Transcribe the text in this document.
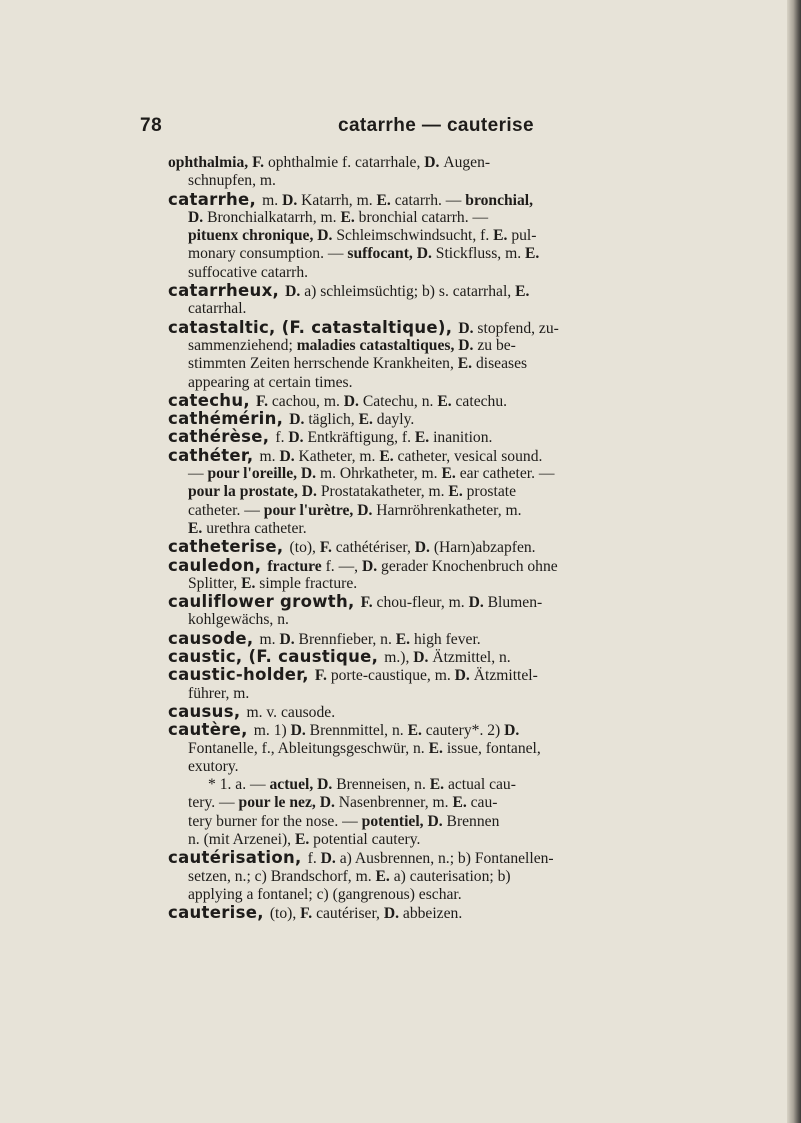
78	catarrhe — cauterise
ophthalmia, F. ophthalmie f. catarrhale, D. Augen-
schnupfen, m.
catarrhe, m. D. Katarrh, m. E. catarrh. — bronchial,
D. Bronchialkatarrh, m. E. bronchial catarrh. —
pituenx chronique, D. Schleimschwindsucht, f. E. pul-
monary consumption. — suffocant, D. Stickfluss, m. E.
suffocative catarrh.
catarrheux, D. a) schleimsüchtig; b) s. catarrhal, E.
catarrhal.
catastaltic, (F. catastaltique), D. stopfend, zu-
sammenziehend; maladies catastaltiques, D. zu be-
stimmten Zeiten herrschende Krankheiten, E. diseases
appearing at certain times.
catechu, F. cachou, m. D. Catechu, n. E. catechu.
cathémérin, D. täglich, E. dayly.
cathérèse, f. D. Entkräftigung, f. E. inanition.
cathéter, m. D. Katheter, m. E. catheter, vesical sound.
— pour l'oreille, D. m. Ohrkatheter, m. E. ear catheter. —
pour la prostate, D. Prostatakatheter, m. E. prostate
catheter. — pour l'urètre, D. Harnröhrenkatheter, m.
E. urethra catheter.
catheterise, (to), F. cathétériser, D. (Harn)abzapfen.
cauledon, fracture f. —, D. gerader Knochenbruch ohne
Splitter, E. simple fracture.
cauliflower growth, F. chou-fleur, m. D. Blumen-
kohlgewächs, n.
causode, m. D. Brennfieber, n. E. high fever.
caustic, (F. caustique, m.), D. Ätzmittel, n.
caustic-holder, F. porte-caustique, m. D. Ätzmittel-
führer, m.
causus, m. v. causode.
cautère, m. 1) D. Brennmittel, n. E. cautery*. 2) D.
Fontanelle, f., Ableitungsgeschwür, n. E. issue, fontanel,
exutory.
* 1. a. — actuel, D. Brenneisen, n. E. actual cau-
tery. — pour le nez, D. Nasenbrenner, m. E. cau-
tery burner for the nose. — potentiel, D. Brennen
n. (mit Arzenei), E. potential cautery.
cautérisation, f. D. a) Ausbrennen, n.; b) Fontanellen-
setzen, n.; c) Brandschorf, m. E. a) cauterisation; b)
applying a fontanel; c) (gangrenous) eschar.
cauterise, (to), F. cautériser, D. abbeizen.
